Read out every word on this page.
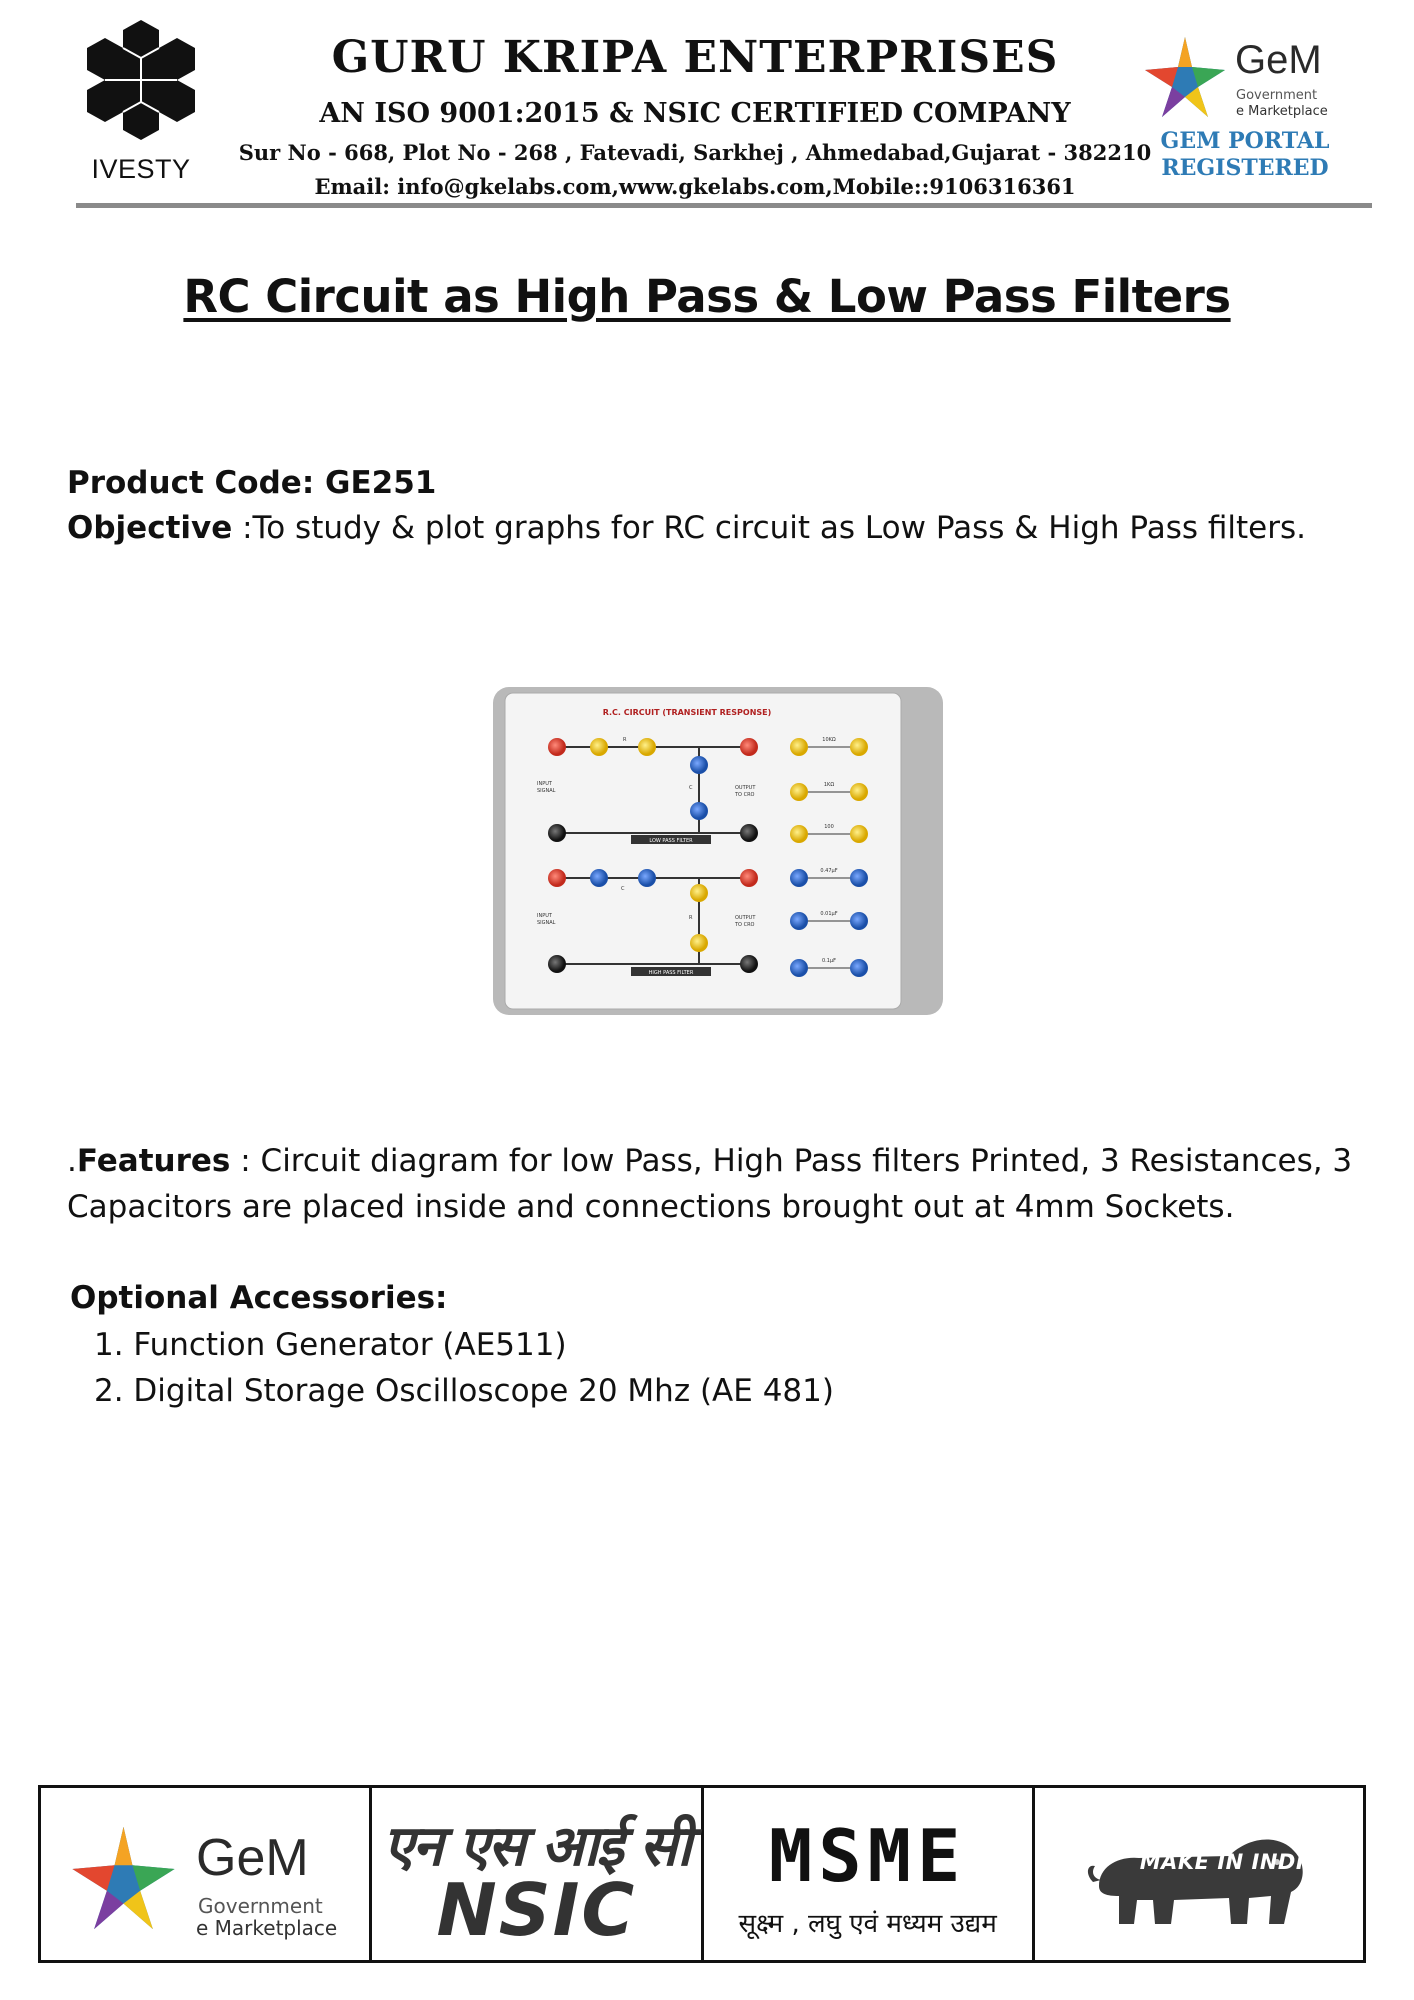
IVESTY
GURU KRIPA ENTERPRISES
AN ISO 9001:2015 & NSIC CERTIFIED COMPANY
Sur No - 668, Plot No - 268 , Fatevadi, Sarkhej , Ahmedabad,Gujarat - 382210
Email: info@gkelabs.com,www.gkelabs.com,Mobile::9106316361
GeM
Government
e Marketplace
GEM PORTAL
REGISTERED
RC Circuit as High Pass & Low Pass Filters
Product Code: GE251
Objective :To study & plot graphs for RC circuit as Low Pass & High Pass filters.
R.C. CIRCUIT (TRANSIENT RESPONSE)
INPUT
SIGNAL	OUTPUT
TO CRO
R
C
LOW PASS FILTER
INPUT
SIGNAL
OUTPUT
TO CRO
C
R
HIGH PASS FILTER
10KΩ
1KΩ
100
0.47μF
0.01μF
0.1μF
.Features : Circuit diagram for low Pass, High Pass filters Printed, 3 Resistances, 3 Capacitors are placed inside and connections brought out at 4mm Sockets.
Optional Accessories:
1. Function Generator (AE511)
2. Digital Storage Oscilloscope 20 Mhz (AE 481)
GeM
Government
e Marketplace
एन एस आई सी
NSIC
MSME
सूक्ष्म , लघु एवं मध्यम उद्यम
MAKE IN INDIA
